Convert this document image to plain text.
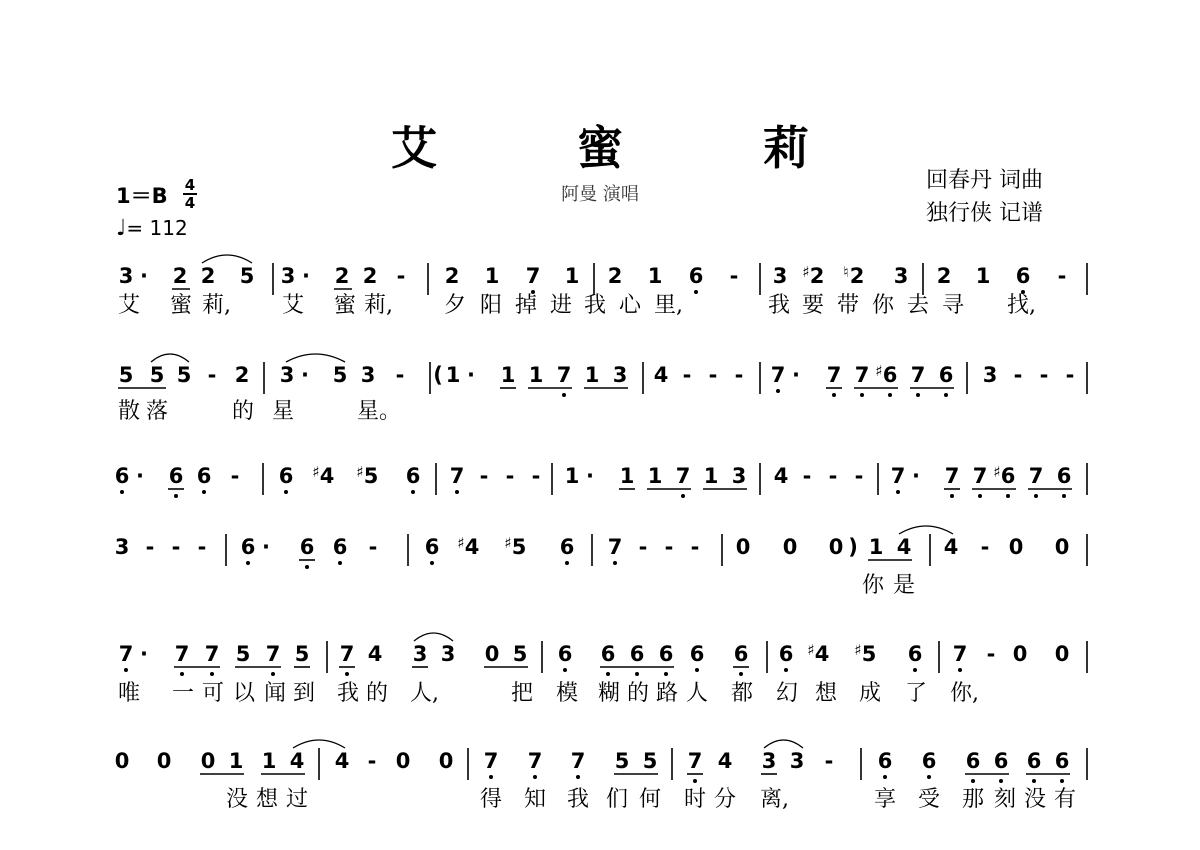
艾 蜜 莉
阿曼 演唱
回春丹 词曲
独行侠 记谱
1＝B 4
4
♩= 112
3 · 2 2 5 3 · 2 2 - 2 1 7 1 2 1 6 - 3 2
♯ 2
♮ 3 2 1 6 -
艾 蜜 莉, 艾 蜜 莉, 夕 阳 掉 进 我 心 里,	我 要 带 你 去 寻 找,
5 5 5 - 2 3 · 5 3 - ( 1 · 1 1 7 1 3 4 - - - 7 · 7 7 6
♯ 7 6 3 - - -
散 落	的 星	星。
6 · 6 6 - 6 4
♯ 5
♯ 6 7 - - - 1 · 1 1 7 1 3 4 - - - 7 · 7 7 6
♯ 7 6
3 - - - 6 · 6 6 - 6 4
♯ 5
♯ 6 7 - - - 0 0 0 ) 1 4 4 - 0 0
你 是
7 · 7 7 5 7 5 7 4 3 3 0 5 6 6 6 6 6 6 6 4
♯ 5
♯ 6 7 - 0 0
唯 一 可 以 闻 到 我 的 人,	把 模 糊 的 路 人 都 幻 想 成 了 你,
0 0 0 1 1 4 4 - 0 0 7 7 7 5 5 7 4 3 3 - 6 6 6 6 6 6
没 想 过	得 知 我 们 何 时 分 离,	享 受 那 刻 没 有
